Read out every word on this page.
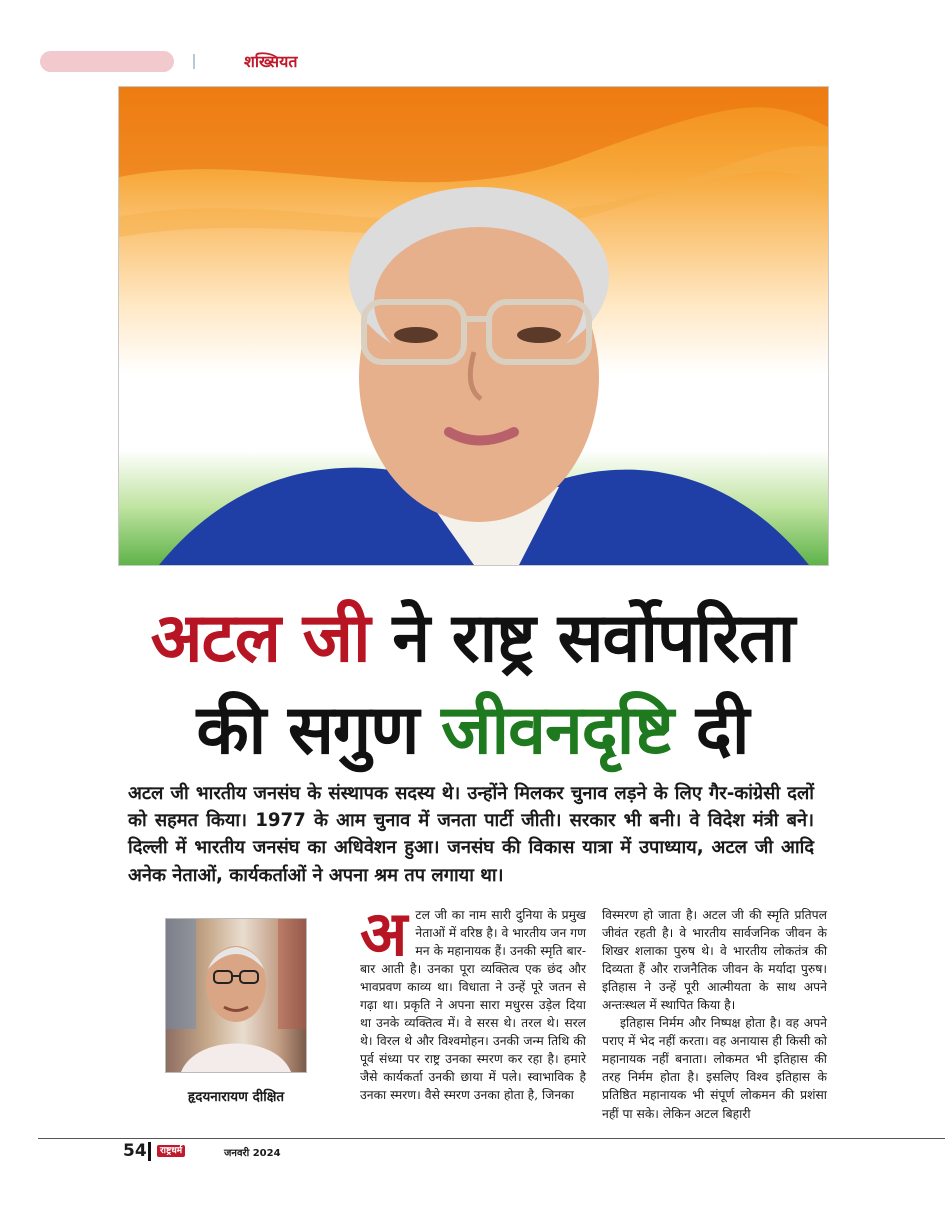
शख्सियत
अटल जी ने राष्ट्र सर्वोपरिता
की सगुण जीवनदृष्टि दी
अटल जी भारतीय जनसंघ के संस्थापक सदस्य थे। उन्होंने मिलकर चुनाव लड़ने के लिए गैर-कांग्रेसी दलों को सहमत किया। 1977 के आम चुनाव में जनता पार्टी जीती। सरकार भी बनी। वे विदेश मंत्री बने। दिल्ली में भारतीय जनसंघ का अधिवेशन हुआ। जनसंघ की विकास यात्रा में उपाध्याय, अटल जी आदि अनेक नेताओं, कार्यकर्ताओं ने अपना श्रम तप लगाया था।
हृदयनारायण दीक्षित
अ टल जी का नाम सारी दुनिया के प्रमुख नेताओं में वरिष्ठ है। वे भारतीय जन गण मन के महानायक हैं। उनकी स्मृति बार-बार आती है। उनका पूरा व्यक्तित्व एक छंद और भावप्रवण काव्य था। विधाता ने उन्हें पूरे जतन से गढ़ा था। प्रकृति ने अपना सारा मधुरस उड़ेल दिया था उनके व्यक्तित्व में। वे सरस थे। तरल थे। सरल थे। विरल थे और विश्वमोहन। उनकी जन्म तिथि की पूर्व संध्या पर राष्ट्र उनका स्मरण कर रहा है। हमारे जैसे कार्यकर्ता उनकी छाया में पले। स्वाभाविक है उनका स्मरण। वैसे स्मरण उनका होता है, जिनका

विस्मरण हो जाता है। अटल जी की स्मृति प्रतिपल जीवंत रहती है। वे भारतीय सार्वजनिक जीवन के शिखर शलाका पुरुष थे। वे भारतीय लोकतंत्र की दिव्यता हैं और राजनैतिक जीवन के मर्यादा पुरुष। इतिहास ने उन्हें पूरी आत्मीयता के साथ अपने अन्तःस्थल में स्थापित किया है।

इतिहास निर्मम और निष्पक्ष होता है। वह अपने पराए में भेद नहीं करता। वह अनायास ही किसी को महानायक नहीं बनाता। लोकमत भी इतिहास की तरह निर्मम होता है। इसलिए विश्व इतिहास के प्रतिष्ठित महानायक भी संपूर्ण लोकमन की प्रशंसा नहीं पा सके। लेकिन अटल बिहारी

54	राष्ट्रधर्म	जनवरी 2024
